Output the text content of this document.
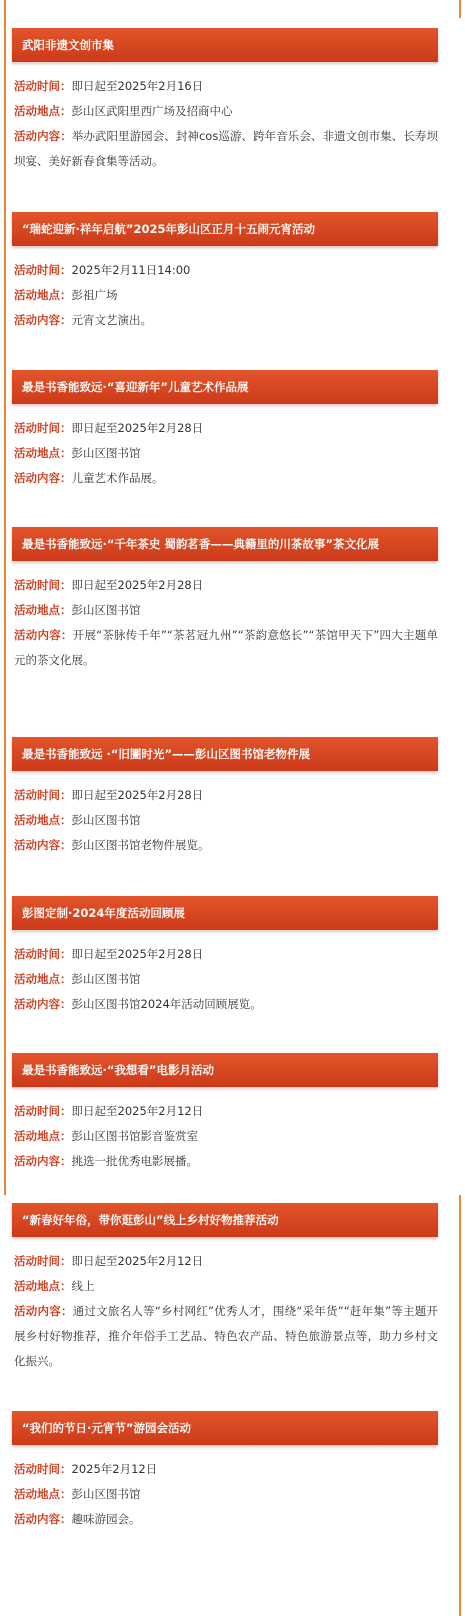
武阳非遗文创市集

活动时间：即日起至2025年2月16日

活动地点：彭山区武阳里西广场及招商中心

活动内容：举办武阳里游园会、封神cos巡游、跨年音乐会、非遗文创市集、长寿坝坝宴、美好新春食集等活动。

“瑞蛇迎新·祥年启航”2025年彭山区正月十五闹元宵活动

活动时间：2025年2月11日14:00

活动地点：彭祖广场

活动内容：元宵文艺演出。

最是书香能致远·“喜迎新年”儿童艺术作品展

活动时间：即日起至2025年2月28日

活动地点：彭山区图书馆

活动内容：儿童艺术作品展。

最是书香能致远·“千年茶史 蜀韵茗香——典籍里的川茶故事”茶文化展

活动时间：即日起至2025年2月28日

活动地点：彭山区图书馆

活动内容：开展“茶脉传千年”“茶茗冠九州”“茶韵意悠长”“茶馆甲天下”四大主题单元的茶文化展。

最是书香能致远 ·“旧圕时光”——彭山区图书馆老物件展

活动时间：即日起至2025年2月28日

活动地点：彭山区图书馆

活动内容：彭山区图书馆老物件展览。

彭图定制·2024年度活动回顾展

活动时间：即日起至2025年2月28日

活动地点：彭山区图书馆

活动内容：彭山区图书馆2024年活动回顾展览。

最是书香能致远·“我想看”电影月活动

活动时间：即日起至2025年2月12日

活动地点：彭山区图书馆影音鉴赏室

活动内容：挑选一批优秀电影展播。

“新春好年俗，带你逛彭山”线上乡村好物推荐活动

活动时间：即日起至2025年2月12日

活动地点：线上

活动内容：通过文旅名人等“乡村网红”优秀人才，围绕“采年货”“赶年集”等主题开展乡村好物推荐，推介年俗手工艺品、特色农产品、特色旅游景点等，助力乡村文化振兴。

“我们的节日·元宵节”游园会活动

活动时间：2025年2月12日

活动地点：彭山区图书馆

活动内容：趣味游园会。
